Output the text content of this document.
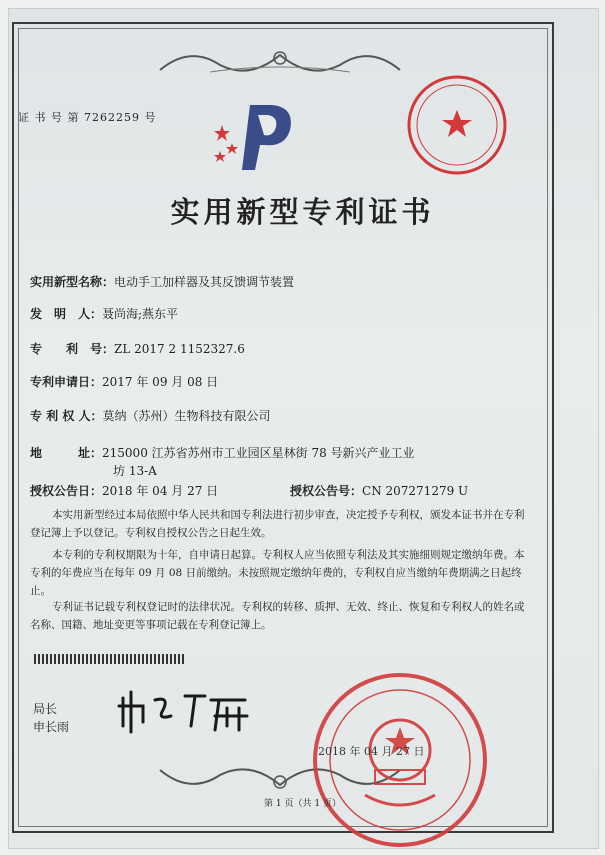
证 书 号 第 7262259 号
实用新型专利证书
实用新型名称：电动手工加样器及其反馈调节装置
发　明　人：聂尚海;燕东平
专　　利　号：ZL 2017 2 1152327.6
专利申请日：2017 年 09 月 08 日
专 利 权 人：莫纳（苏州）生物科技有限公司
地　　　址：215000 江苏省苏州市工业园区星林街 78 号新兴产业工业
坊 13-A
授权公告日：2018 年 04 月 27 日	授权公告号：CN 207271279 U
本实用新型经过本局依照中华人民共和国专利法进行初步审查，决定授予专利权，颁发本证书并在专利登记簿上予以登记。专利权自授权公告之日起生效。
本专利的专利权期限为十年，自申请日起算。专利权人应当依照专利法及其实施细则规定缴纳年费。本专利的年费应当在每年 09 月 08 日前缴纳。未按照规定缴纳年费的，专利权自应当缴纳年费期满之日起终止。
专利证书记载专利权登记时的法律状况。专利权的转移、质押、无效、终止、恢复和专利权人的姓名或名称、国籍、地址变更等事项记载在专利登记簿上。
局长
申长雨
2018 年 04 月 27 日
第 1 页（共 1 页）
